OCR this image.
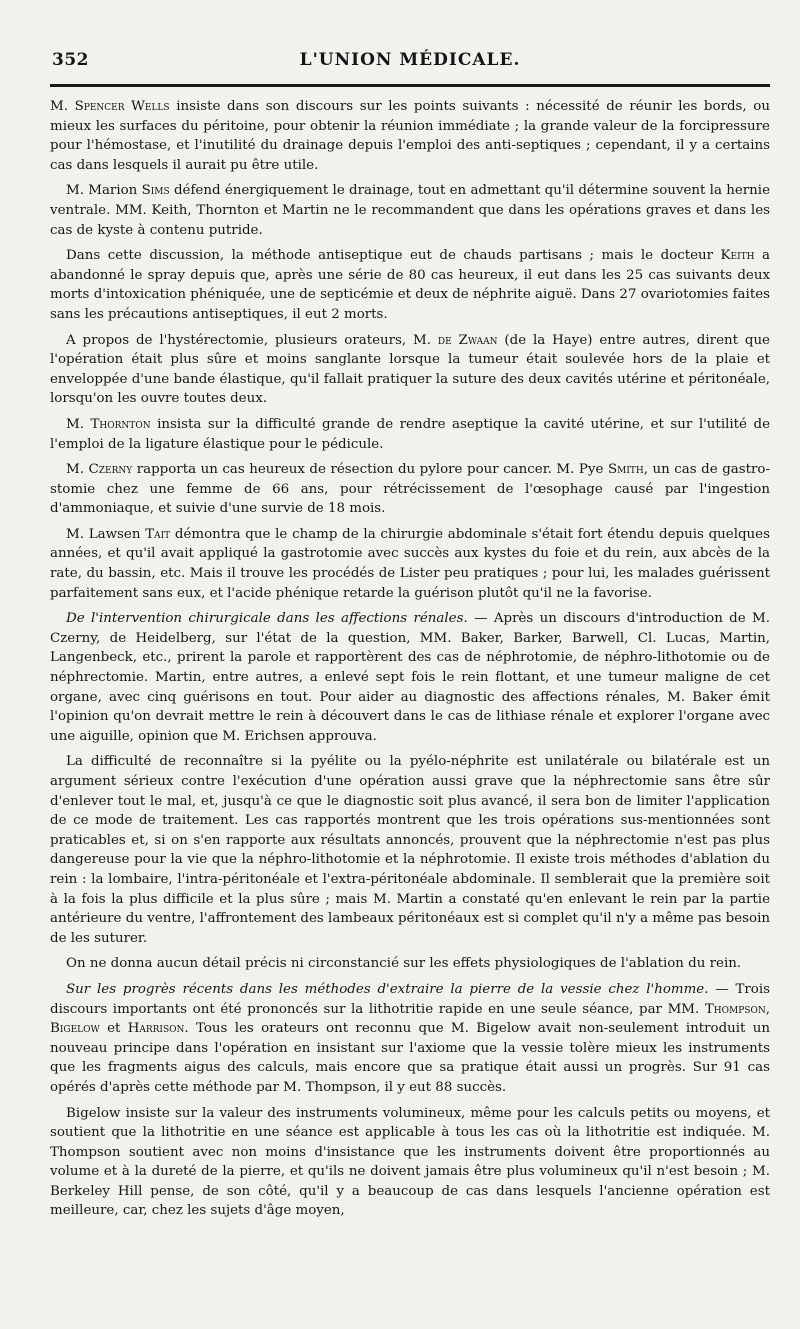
352	L'UNION MÉDICALE.

M. Spencer Wells insiste dans son discours sur les points suivants : nécessité de réunir les bords, ou mieux les surfaces du péritoine, pour obtenir la réunion immédiate ; la grande valeur de la forcipressure pour l'hémostase, et l'inutilité du drainage depuis l'emploi des anti-septiques ; cependant, il y a certains cas dans lesquels il aurait pu être utile.

M. Marion Sims défend énergiquement le drainage, tout en admettant qu'il détermine souvent la hernie ventrale. MM. Keith, Thornton et Martin ne le recommandent que dans les opérations graves et dans les cas de kyste à contenu putride.

Dans cette discussion, la méthode antiseptique eut de chauds partisans ; mais le docteur Keith a abandonné le spray depuis que, après une série de 80 cas heureux, il eut dans les 25 cas suivants deux morts d'intoxication phéniquée, une de septicémie et deux de néphrite aiguë. Dans 27 ovariotomies faites sans les précautions antiseptiques, il eut 2 morts.

A propos de l'hystérectomie, plusieurs orateurs, M. de Zwaan (de la Haye) entre autres, dirent que l'opération était plus sûre et moins sanglante lorsque la tumeur était soulevée hors de la plaie et enveloppée d'une bande élastique, qu'il fallait pratiquer la suture des deux cavités utérine et péritonéale, lorsqu'on les ouvre toutes deux.

M. Thornton insista sur la difficulté grande de rendre aseptique la cavité utérine, et sur l'utilité de l'emploi de la ligature élastique pour le pédicule.

M. Czerny rapporta un cas heureux de résection du pylore pour cancer. M. Pye Smith, un cas de gastro-stomie chez une femme de 66 ans, pour rétrécissement de l'œsophage causé par l'ingestion d'ammoniaque, et suivie d'une survie de 18 mois.

M. Lawsen Tait démontra que le champ de la chirurgie abdominale s'était fort étendu depuis quelques années, et qu'il avait appliqué la gastrotomie avec succès aux kystes du foie et du rein, aux abcès de la rate, du bassin, etc. Mais il trouve les procédés de Lister peu pratiques ; pour lui, les malades guérissent parfaitement sans eux, et l'acide phénique retarde la guérison plutôt qu'il ne la favorise.

De l'intervention chirurgicale dans les affections rénales. — Après un discours d'introduction de M. Czerny, de Heidelberg, sur l'état de la question, MM. Baker, Barker, Barwell, Cl. Lucas, Martin, Langenbeck, etc., prirent la parole et rapportèrent des cas de néphrotomie, de néphro-lithotomie ou de néphrectomie. Martin, entre autres, a enlevé sept fois le rein flottant, et une tumeur maligne de cet organe, avec cinq guérisons en tout. Pour aider au diagnostic des affections rénales, M. Baker émit l'opinion qu'on devrait mettre le rein à découvert dans le cas de lithiase rénale et explorer l'organe avec une aiguille, opinion que M. Erichsen approuva.

La difficulté de reconnaître si la pyélite ou la pyélo-néphrite est unilatérale ou bilatérale est un argument sérieux contre l'exécution d'une opération aussi grave que la néphrectomie sans être sûr d'enlever tout le mal, et, jusqu'à ce que le diagnostic soit plus avancé, il sera bon de limiter l'application de ce mode de traitement. Les cas rapportés montrent que les trois opérations sus-mentionnées sont praticables et, si on s'en rapporte aux résultats annoncés, prouvent que la néphrectomie n'est pas plus dangereuse pour la vie que la néphro-lithotomie et la néphrotomie. Il existe trois méthodes d'ablation du rein : la lombaire, l'intra-péritonéale et l'extra-péritonéale abdominale. Il semblerait que la première soit à la fois la plus difficile et la plus sûre ; mais M. Martin a constaté qu'en enlevant le rein par la partie antérieure du ventre, l'affrontement des lambeaux péritonéaux est si complet qu'il n'y a même pas besoin de les suturer.

On ne donna aucun détail précis ni circonstancié sur les effets physiologiques de l'ablation du rein.

Sur les progrès récents dans les méthodes d'extraire la pierre de la vessie chez l'homme. — Trois discours importants ont été prononcés sur la lithotritie rapide en une seule séance, par MM. Thompson, Bigelow et Harrison. Tous les orateurs ont reconnu que M. Bigelow avait non-seulement introduit un nouveau principe dans l'opération en insistant sur l'axiome que la vessie tolère mieux les instruments que les fragments aigus des calculs, mais encore que sa pratique était aussi un progrès. Sur 91 cas opérés d'après cette méthode par M. Thompson, il y eut 88 succès.

Bigelow insiste sur la valeur des instruments volumineux, même pour les calculs petits ou moyens, et soutient que la lithotritie en une séance est applicable à tous les cas où la lithotritie est indiquée. M. Thompson soutient avec non moins d'insistance que les instruments doivent être proportionnés au volume et à la dureté de la pierre, et qu'ils ne doivent jamais être plus volumineux qu'il n'est besoin ; M. Berkeley Hill pense, de son côté, qu'il y a beaucoup de cas dans lesquels l'ancienne opération est meilleure, car, chez les sujets d'âge moyen,
